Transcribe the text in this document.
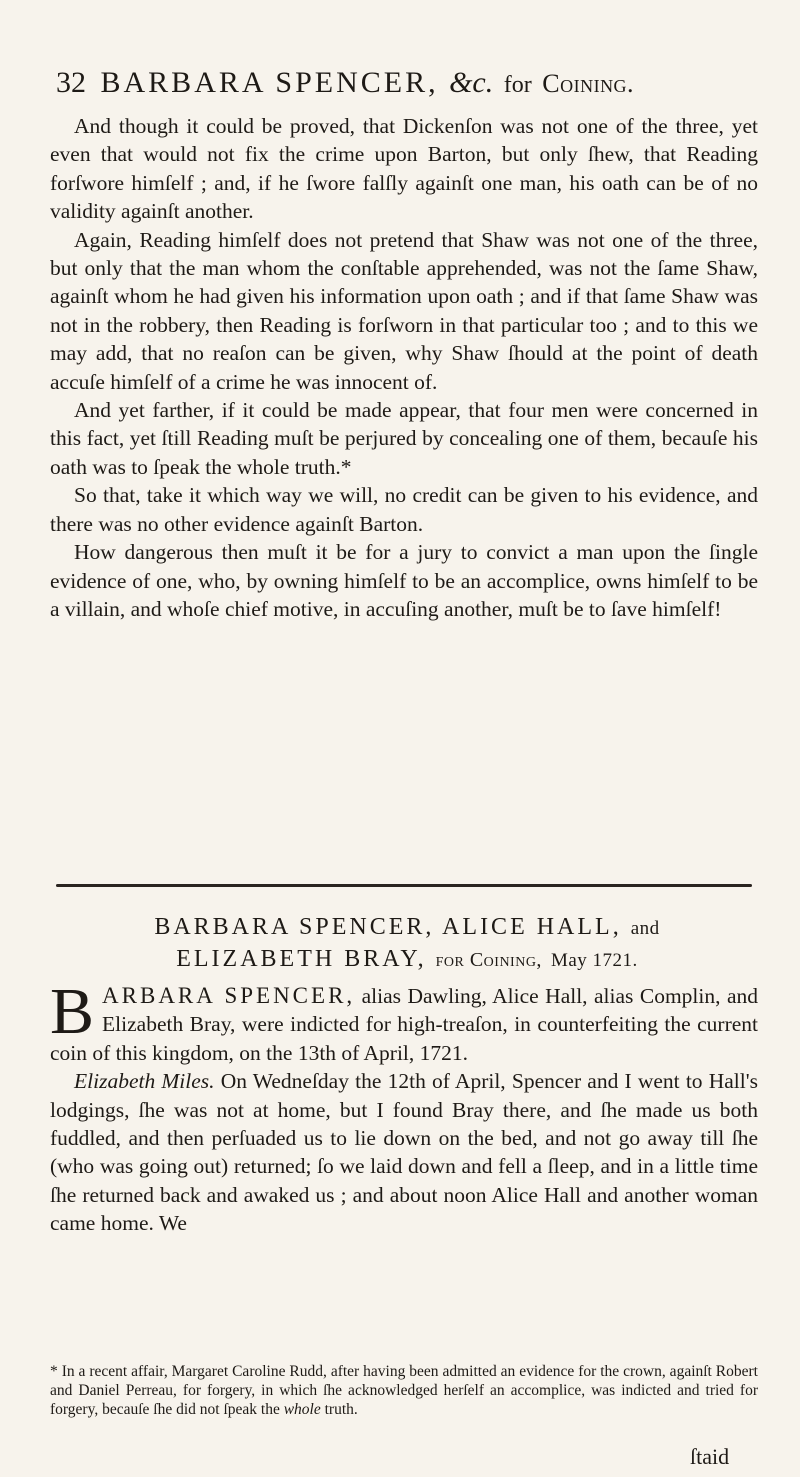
32 BARBARA SPENCER, &c. for Coining.

And though it could be proved, that Dickenſon was not one of the three, yet even that would not fix the crime upon Barton, but only ſhew, that Reading forſwore himſelf ; and, if he ſwore falſly againſt one man, his oath can be of no validity againſt another.

Again, Reading himſelf does not pretend that Shaw was not one of the three, but only that the man whom the conſtable apprehended, was not the ſame Shaw, againſt whom he had given his information upon oath ; and if that ſame Shaw was not in the robbery, then Reading is forſworn in that particular too ; and to this we may add, that no reaſon can be given, why Shaw ſhould at the point of death accuſe himſelf of a crime he was innocent of.

And yet farther, if it could be made appear, that four men were concerned in this fact, yet ſtill Reading muſt be perjured by concealing one of them, becauſe his oath was to ſpeak the whole truth.*

So that, take it which way we will, no credit can be given to his evidence, and there was no other evidence againſt Barton.

How dangerous then muſt it be for a jury to convict a man upon the ſingle evidence of one, who, by owning himſelf to be an accomplice, owns himſelf to be a villain, and whoſe chief motive, in accuſing another, muſt be to ſave himſelf!

BARBARA SPENCER, ALICE HALL, and
ELIZABETH BRAY, for Coining, May 1721.

BARBARA SPENCER, alias Dawling, Alice Hall, alias Complin, and Elizabeth Bray, were indicted for high-treaſon, in counterfeiting the current coin of this kingdom, on the 13th of April, 1721.

Elizabeth Miles. On Wedneſday the 12th of April, Spencer and I went to Hall's lodgings, ſhe was not at home, but I found Bray there, and ſhe made us both fuddled, and then perſuaded us to lie down on the bed, and not go away till ſhe (who was going out) returned; ſo we laid down and fell a ſleep, and in a little time ſhe returned back and awaked us ; and about noon Alice Hall and another woman came home. We

* In a recent affair, Margaret Caroline Rudd, after having been admitted an evidence for the crown, againſt Robert and Daniel Perreau, for forgery, in which ſhe acknowledged herſelf an accomplice, was indicted and tried for forgery, becauſe ſhe did not ſpeak the whole truth.
ſtaid
